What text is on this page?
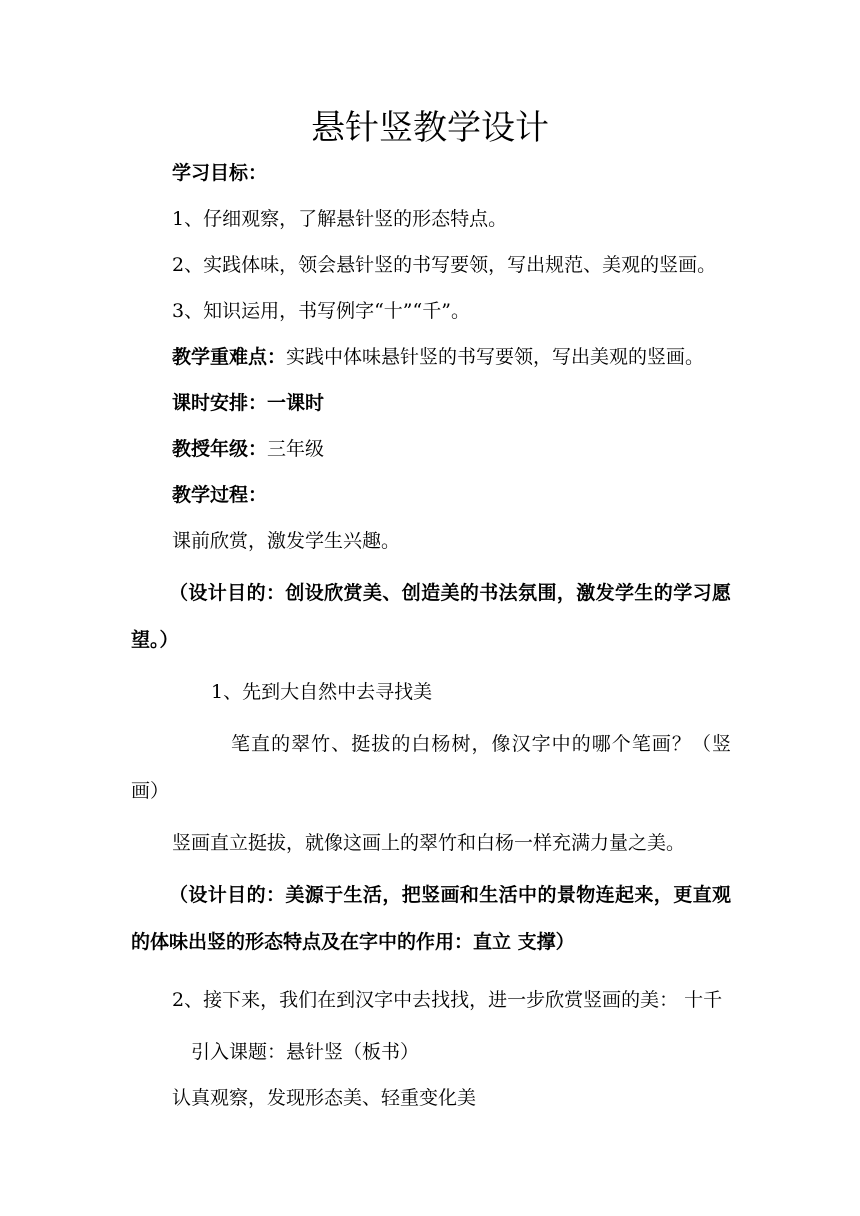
悬针竖教学设计

学习目标：

1、仔细观察，了解悬针竖的形态特点。

2、实践体味，领会悬针竖的书写要领，写出规范、美观的竖画。

3、知识运用，书写例字“十”“千”。

教学重难点：实践中体味悬针竖的书写要领，写出美观的竖画。

课时安排：一课时

教授年级：三年级

教学过程：

课前欣赏，激发学生兴趣。

（设计目的：创设欣赏美、创造美的书法氛围，激发学生的学习愿望。）

1、先到大自然中去寻找美

笔直的翠竹、挺拔的白杨树，像汉字中的哪个笔画？（竖画）

竖画直立挺拔，就像这画上的翠竹和白杨一样充满力量之美。

（设计目的：美源于生活，把竖画和生活中的景物连起来，更直观的体味出竖的形态特点及在字中的作用：直立 支撑）

2、接下来，我们在到汉字中去找找，进一步欣赏竖画的美： 十千

引入课题：悬针竖（板书）

认真观察，发现形态美、轻重变化美
